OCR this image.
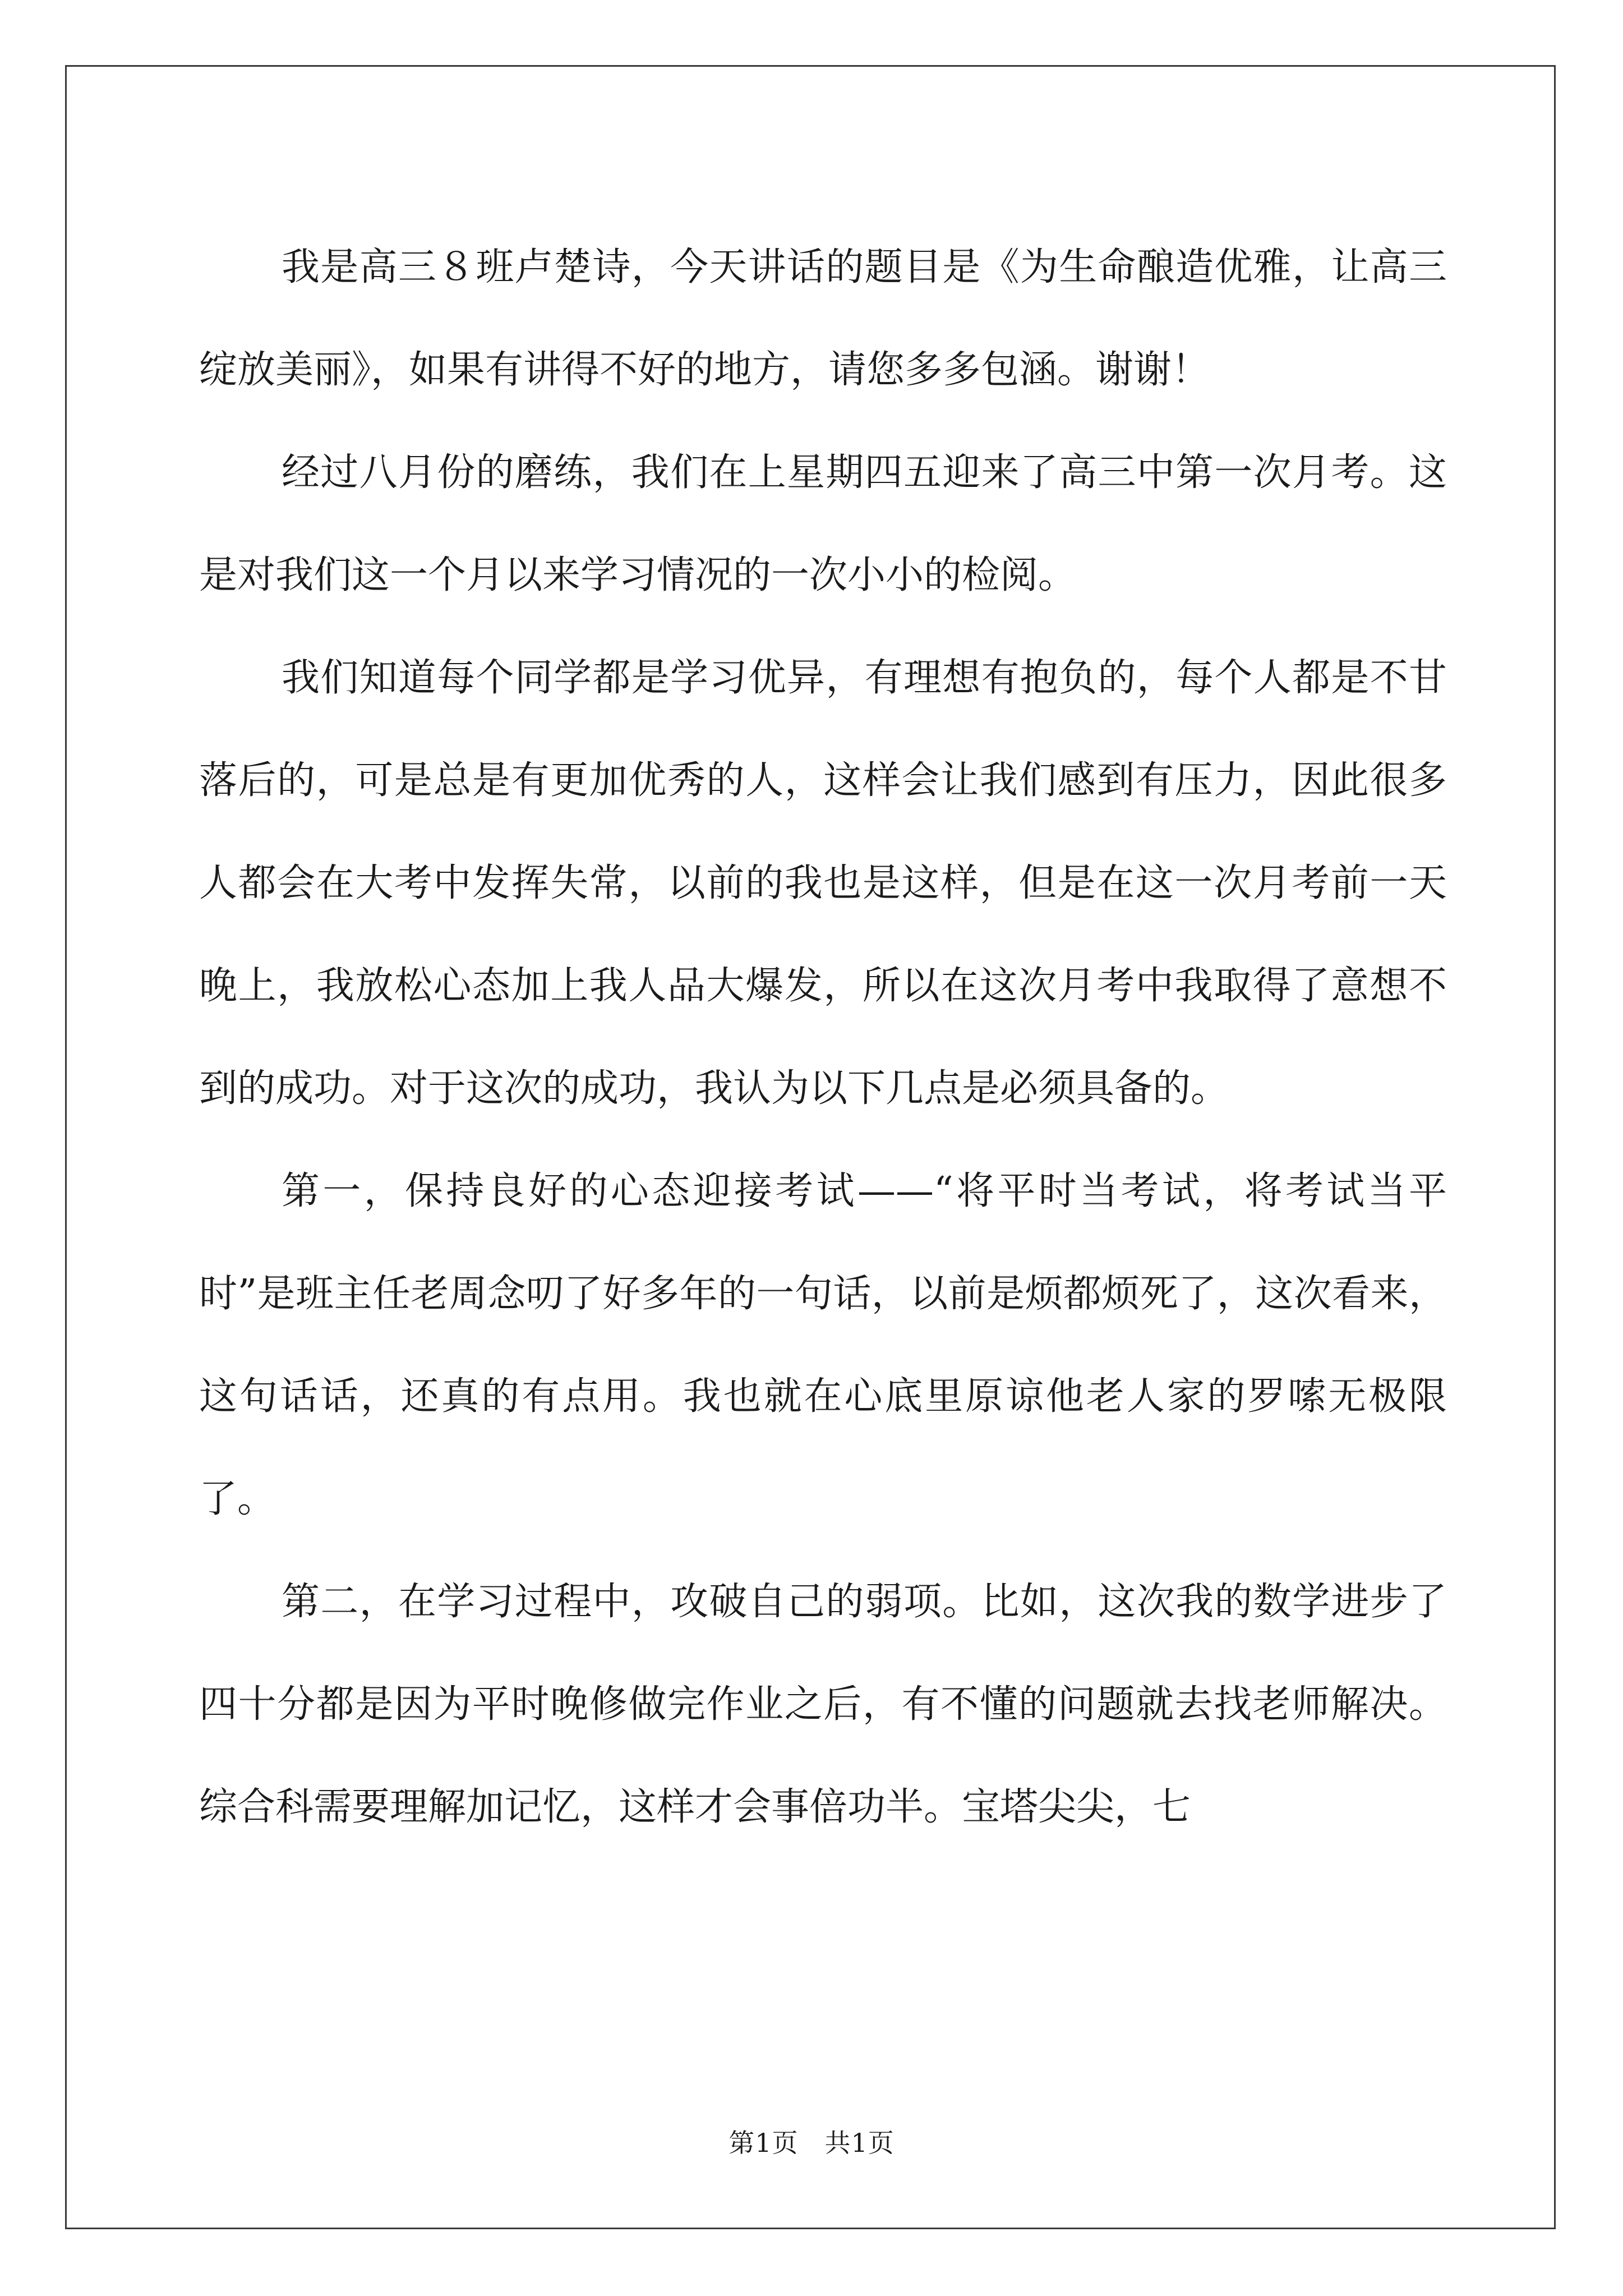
我是高三８班卢楚诗，今天讲话的题目是《为生命酿造优雅，让高三绽放美丽》，如果有讲得不好的地方，请您多多包涵。谢谢！

经过八月份的磨练，我们在上星期四五迎来了高三中第一次月考。这是对我们这一个月以来学习情况的一次小小的检阅。

我们知道每个同学都是学习优异，有理想有抱负的，每个人都是不甘落后的，可是总是有更加优秀的人，这样会让我们感到有压力，因此很多人都会在大考中发挥失常，以前的我也是这样，但是在这一次月考前一天晚上，我放松心态加上我人品大爆发，所以在这次月考中我取得了意想不到的成功。对于这次的成功，我认为以下几点是必须具备的。

第一，保持良好的心态迎接考试——“将平时当考试，将考试当平时”是班主任老周念叨了好多年的一句话，以前是烦都烦死了，这次看来，这句话话，还真的有点用。我也就在心底里原谅他老人家的罗嗦无极限了。

第二，在学习过程中，攻破自己的弱项。比如，这次我的数学进步了四十分都是因为平时晚修做完作业之后，有不懂的问题就去找老师解决。综合科需要理解加记忆，这样才会事倍功半。宝塔尖尖，七

第1页　共1页
